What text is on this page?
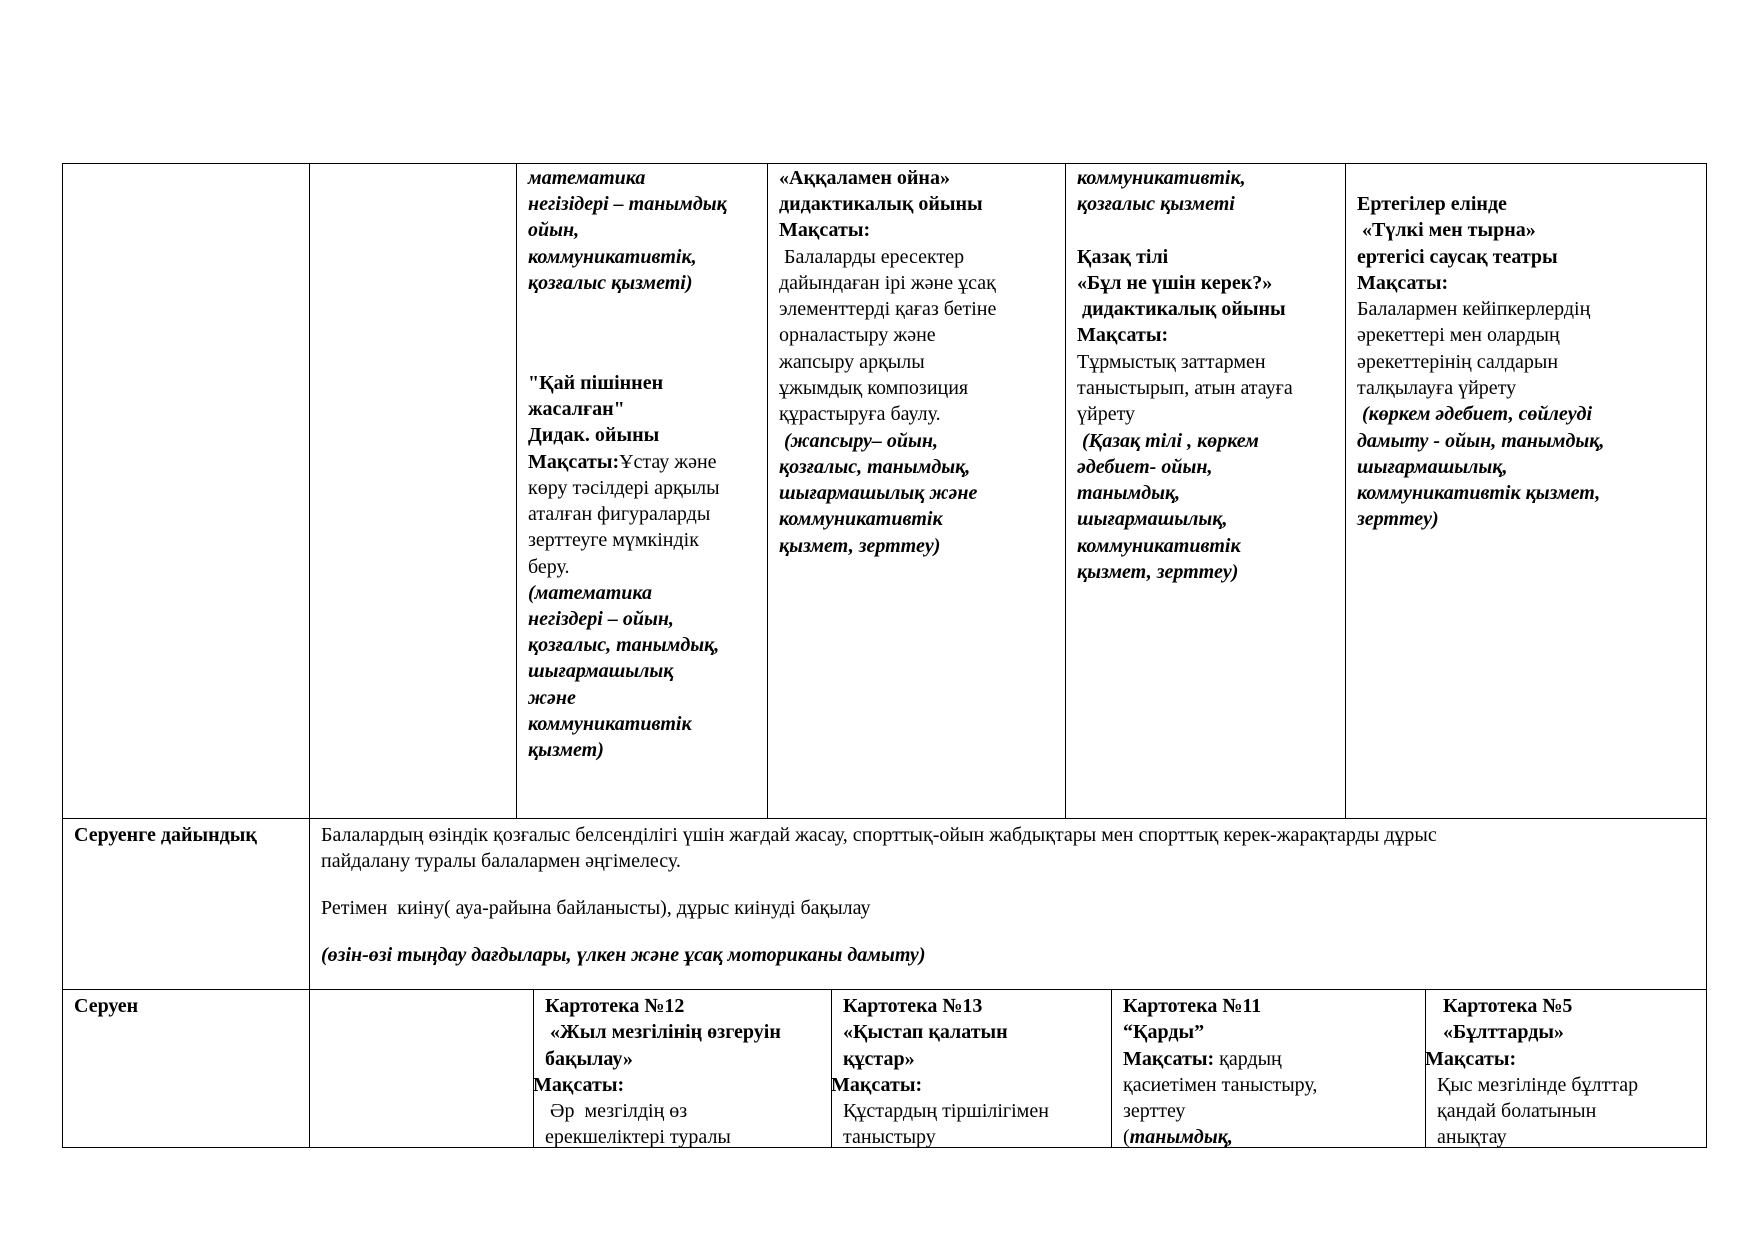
математика
негізідері – танымдық
ойын,
коммуникативтік,
қозғалыс қызметі)
"Қай пішіннен
жасалған"
Дидак. ойыны
Мақсаты:Ұстау және
көру тәсілдері арқылы
аталған фигураларды
зерттеуге мүмкіндік
беру.
(математика
негіздері – ойын,
қозғалыс, танымдық,
шығармашылық
және
коммуникативтік
қызмет)
«Аққаламен ойна»
дидактикалық ойыны
Мақсаты:
Балаларды ересектер
дайындаған ірі және ұсақ
элементтерді қағаз бетіне
орналастыру және
жапсыру арқылы
ұжымдық композиция
құрастыруға баулу.
(жапсыру– ойын,
қозғалыс, танымдық,
шығармашылық және
коммуникативтік
қызмет, зерттеу)
коммуникативтік,
қозғалыс қызметі
Қазақ тілі
«Бұл не үшін керек?»
дидактикалық ойыны
Мақсаты:
Тұрмыстық заттармен
таныстырып, атын атауға
үйрету
(Қазақ тілі , көркем
әдебиет- ойын,
танымдық,
шығармашылық,
коммуникативтік
қызмет, зерттеу)
Ертегілер елінде
«Түлкі мен тырна»
ертегісі саусақ театры
Мақсаты:
Балалармен кейіпкерлердің
әрекеттері мен олардың
әрекеттерінің салдарын
талқылауға үйрету
(көркем әдебиет, сөйлеуді
дамыту - ойын, танымдық,
шығармашылық,
коммуникативтік қызмет,
зерттеу)
Серуенге дайындық	Балалардың өзіндік қозғалыс белсенділігі үшін жағдай жасау, спорттық-ойын жабдықтары мен спорттық керек-жарақтарды дұрыс
пайдалану туралы балалармен әңгімелесу.
Ретімен  киіну( ауа-райына байланысты), дұрыс киінуді бақылау
(өзін-өзі тыңдау дағдылары, үлкен және ұсақ моториканы дамыту)
Серуен	Картотека №12
«Жыл мезгілінің өзгеруін
бақылау»
Мақсаты:
Әр  мезгілдің өз
ерекшеліктері туралы
Картотека №13
«Қыстап қалатын
құстар»
Мақсаты:
Құстардың тіршілігімен
таныстыру
Картотека №11
“Қарды”
Мақсаты: қардың
қасиетімен таныстыру,
зерттеу
(танымдық,
Картотека №5
«Бұлттарды»
Мақсаты:
Қыс мезгілінде бұлттар
қандай болатынын
анықтау
